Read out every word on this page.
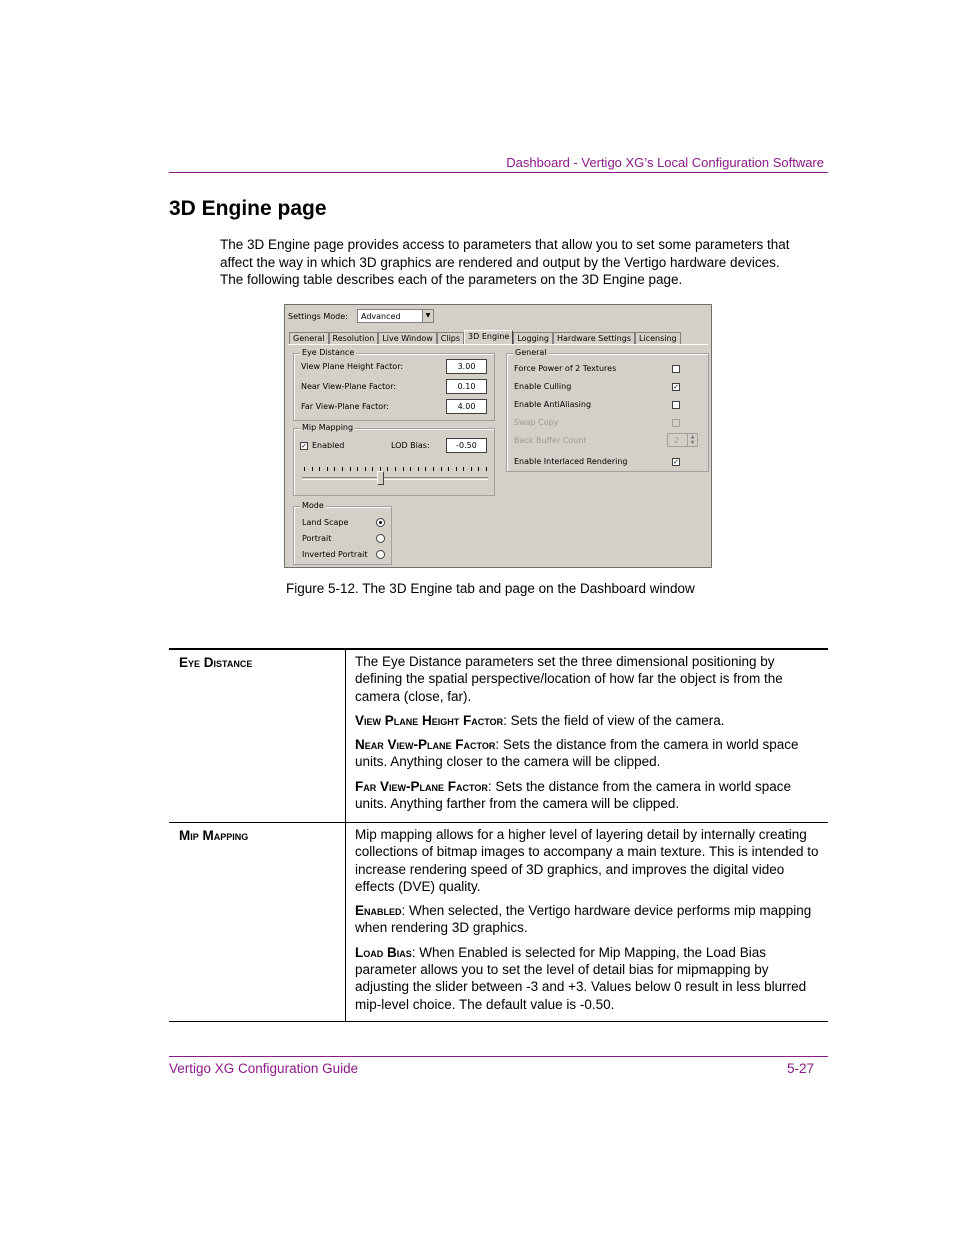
Dashboard - Vertigo XG’s Local Configuration Software
3D Engine page

The 3D Engine page provides access to parameters that allow you to set some parameters that affect the way in which 3D graphics are rendered and output by the Vertigo hardware devices. The following table describes each of the parameters on the 3D Engine page.

Settings Mode: Advanced	▼
General	Resolution	Live Window	Clips	3D Engine	Logging	Hardware Settings	Licensing
Eye Distance
View Plane Height Factor:	3.00
Near View-Plane Factor:	0.10
Far View-Plane Factor:	4.00
Mip Mapping
✓ Enabled	LOD Bias:	-0.50
Mode
Land Scape
Portrait
Inverted Portrait
General
Force Power of 2 Textures
Enable Culling	✓
Enable AntiAliasing
Swap Copy
Back Buffer Count	2	▲
▼
Enable Interlaced Rendering	✓
Figure 5-12. The 3D Engine tab and page on the Dashboard window
Eye Distance	The Eye Distance parameters set the three dimensional positioning by defining the spatial perspective/location of how far the object is from the camera (close, far).

View Plane Height Factor: Sets the field of view of the camera.

Near View-Plane Factor: Sets the distance from the camera in world space units. Anything closer to the camera will be clipped.

Far View-Plane Factor: Sets the distance from the camera in world space units. Anything farther from the camera will be clipped.

Mip Mapping	Mip mapping allows for a higher level of layering detail by internally creating collections of bitmap images to accompany a main texture. This is intended to increase rendering speed of 3D graphics, and improves the digital video effects (DVE) quality.

Enabled: When selected, the Vertigo hardware device performs mip mapping when rendering 3D graphics.

Load Bias: When Enabled is selected for Mip Mapping, the Load Bias parameter allows you to set the level of detail bias for mipmapping by adjusting the slider between -3 and +3. Values below 0 result in less blurred mip-level choice. The default value is -0.50.

Vertigo XG Configuration Guide	5-27
